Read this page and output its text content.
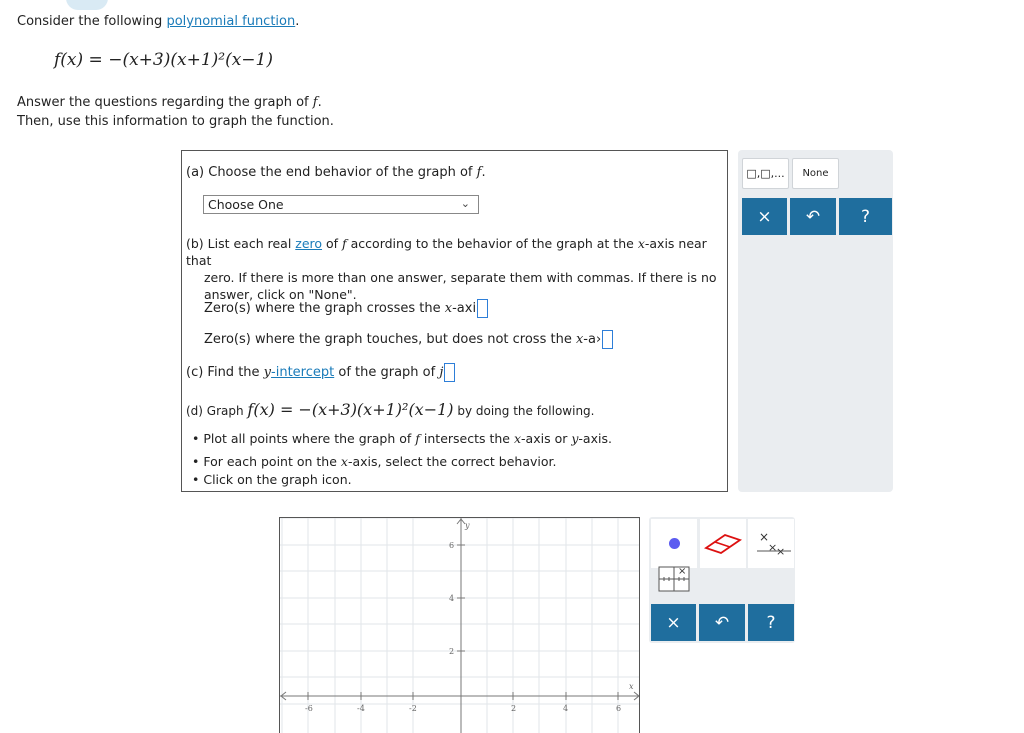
Consider the following polynomial function.
f(x) = −(x+3)(x+1)²(x−1)
Answer the questions regarding the graph of f.
Then, use this information to graph the function.
(a) Choose the end behavior of the graph of f.
Choose One	⌄
(b) List each real zero of f according to the behavior of the graph at the x-axis near that
zero. If there is more than one answer, separate them with commas. If there is no
answer, click on "None".
Zero(s) where the graph crosses the x-axi
Zero(s) where the graph touches, but does not cross the x-a›
(c) Find the y-intercept of the graph of j
(d) Graph f(x) = −(x+3)(x+1)²(x−1) by doing the following.
• Plot all points where the graph of f intersects the x-axis or y-axis.
• For each point on the x-axis, select the correct behavior.
• Click on the graph icon.
□,□,...	None
×	↶	?
y
x
-6	-4	-2	2	4	6
6
4
2
×
×
×
×
×	↶	?
